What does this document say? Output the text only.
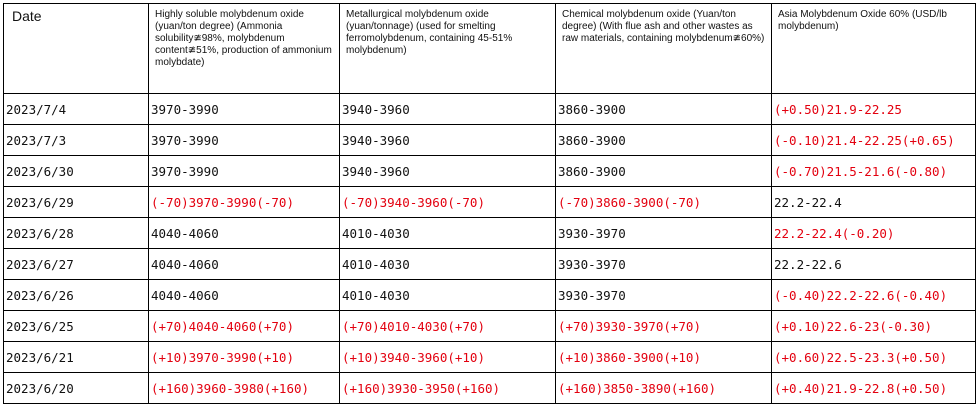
Date	Highly soluble molybdenum oxide (yuan/ton degree) (Ammonia solubility≇98%, molybdenum content≇51%, production of ammonium molybdate)	Metallurgical molybdenum oxide (yuan/tonnage) (used for smelting ferromolybdenum, containing 45-51% molybdenum)	Chemical molybdenum oxide (Yuan/ton degree) (With flue ash and other wastes as raw materials, containing molybdenum≇60%)	Asia Molybdenum Oxide 60% (USD/lb molybdenum)
2023/7/4	3970-3990	3940-3960	3860-3900	(+0.50)21.9-22.25
2023/7/3	3970-3990	3940-3960	3860-3900	(-0.10)21.4-22.25(+0.65)
2023/6/30	3970-3990	3940-3960	3860-3900	(-0.70)21.5-21.6(-0.80)
2023/6/29	(-70)3970-3990(-70)	(-70)3940-3960(-70)	(-70)3860-3900(-70)	22.2-22.4
2023/6/28	4040-4060	4010-4030	3930-3970	22.2-22.4(-0.20)
2023/6/27	4040-4060	4010-4030	3930-3970	22.2-22.6
2023/6/26	4040-4060	4010-4030	3930-3970	(-0.40)22.2-22.6(-0.40)
2023/6/25	(+70)4040-4060(+70)	(+70)4010-4030(+70)	(+70)3930-3970(+70)	(+0.10)22.6-23(-0.30)
2023/6/21	(+10)3970-3990(+10)	(+10)3940-3960(+10)	(+10)3860-3900(+10)	(+0.60)22.5-23.3(+0.50)
2023/6/20	(+160)3960-3980(+160)	(+160)3930-3950(+160)	(+160)3850-3890(+160)	(+0.40)21.9-22.8(+0.50)
